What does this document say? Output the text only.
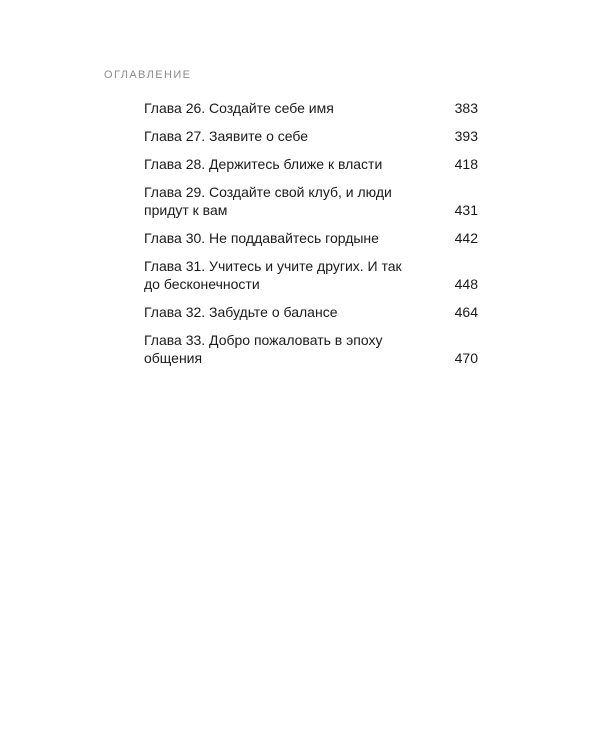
ОГЛАВЛЕНИЕ
Глава 26. Создайте себе имя	383
Глава 27. Заявите о себе	393
Глава 28. Держитесь ближе к власти	418
Глава 29. Создайте свой клуб, и люди
придут к вам	431
Глава 30. Не поддавайтесь гордыне	442
Глава 31. Учитесь и учите других. И так
до бесконечности	448
Глава 32. Забудьте о балансе	464
Глава 33. Добро пожаловать в эпоху общения	470
